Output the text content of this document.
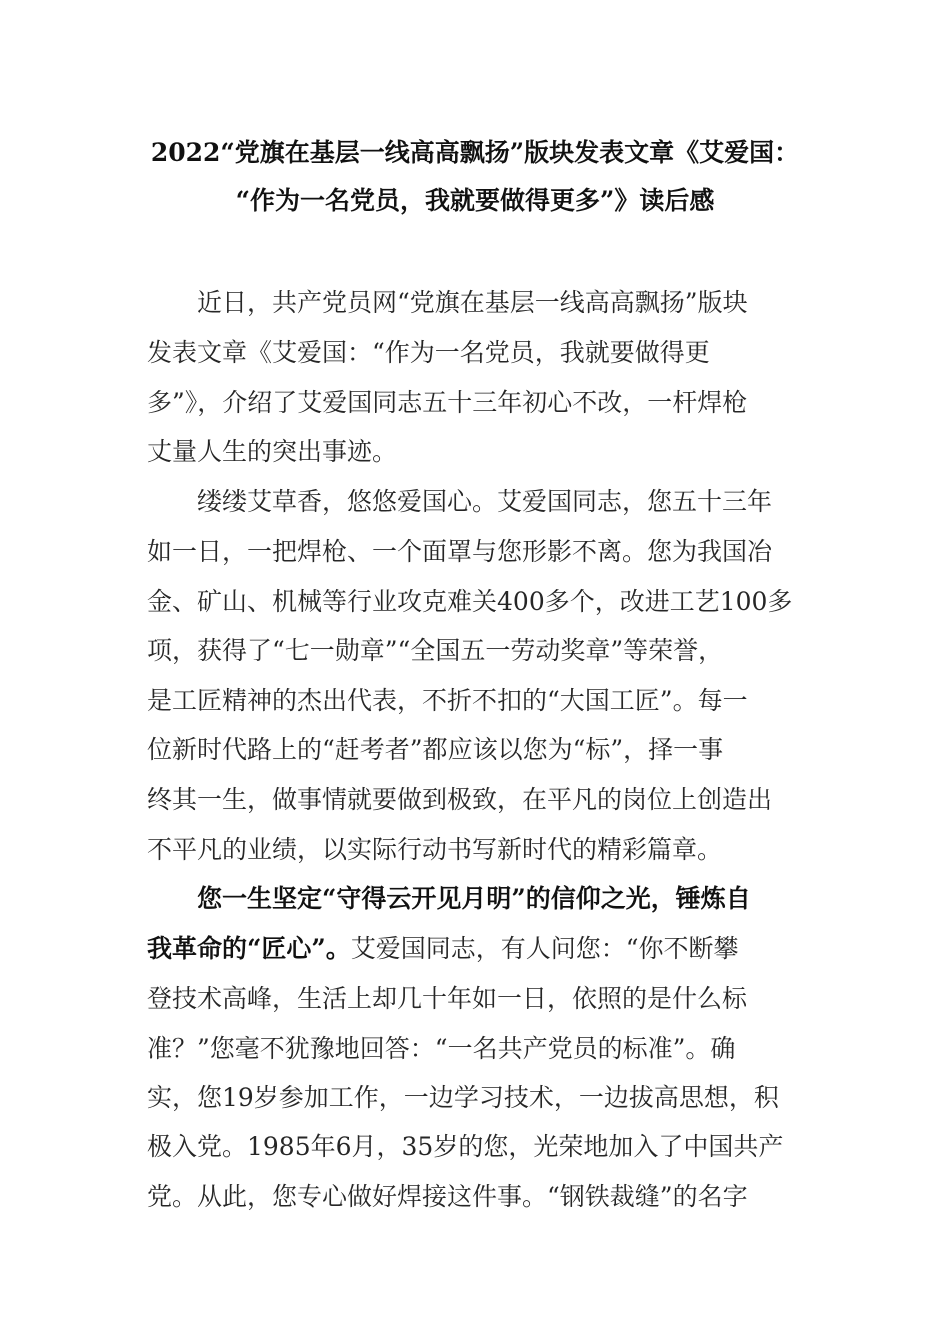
2022“党旗在基层一线高高飘扬”版块发表文章《艾爱国：
“作为一名党员，我就要做得更多”》读后感
近日，共产党员网“党旗在基层一线高高飘扬”版块
发表文章《艾爱国：“作为一名党员，我就要做得更
多”》，介绍了艾爱国同志五十三年初心不改，一杆焊枪
丈量人生的突出事迹。
缕缕艾草香，悠悠爱国心。艾爱国同志，您五十三年
如一日，一把焊枪、一个面罩与您形影不离。您为我国冶
金、矿山、机械等行业攻克难关400多个，改进工艺100多
项，获得了“七一勋章”“全国五一劳动奖章”等荣誉，
是工匠精神的杰出代表，不折不扣的“大国工匠”。每一
位新时代路上的“赶考者”都应该以您为“标”，择一事
终其一生，做事情就要做到极致，在平凡的岗位上创造出
不平凡的业绩，以实际行动书写新时代的精彩篇章。
您一生坚定“守得云开见月明”的信仰之光，锤炼自
我革命的“匠心”。艾爱国同志，有人问您：“你不断攀
登技术高峰，生活上却几十年如一日，依照的是什么标
准？”您毫不犹豫地回答：“一名共产党员的标准”。确
实，您19岁参加工作，一边学习技术，一边拔高思想，积
极入党。1985年6月，35岁的您，光荣地加入了中国共产
党。从此，您专心做好焊接这件事。“钢铁裁缝”的名字
